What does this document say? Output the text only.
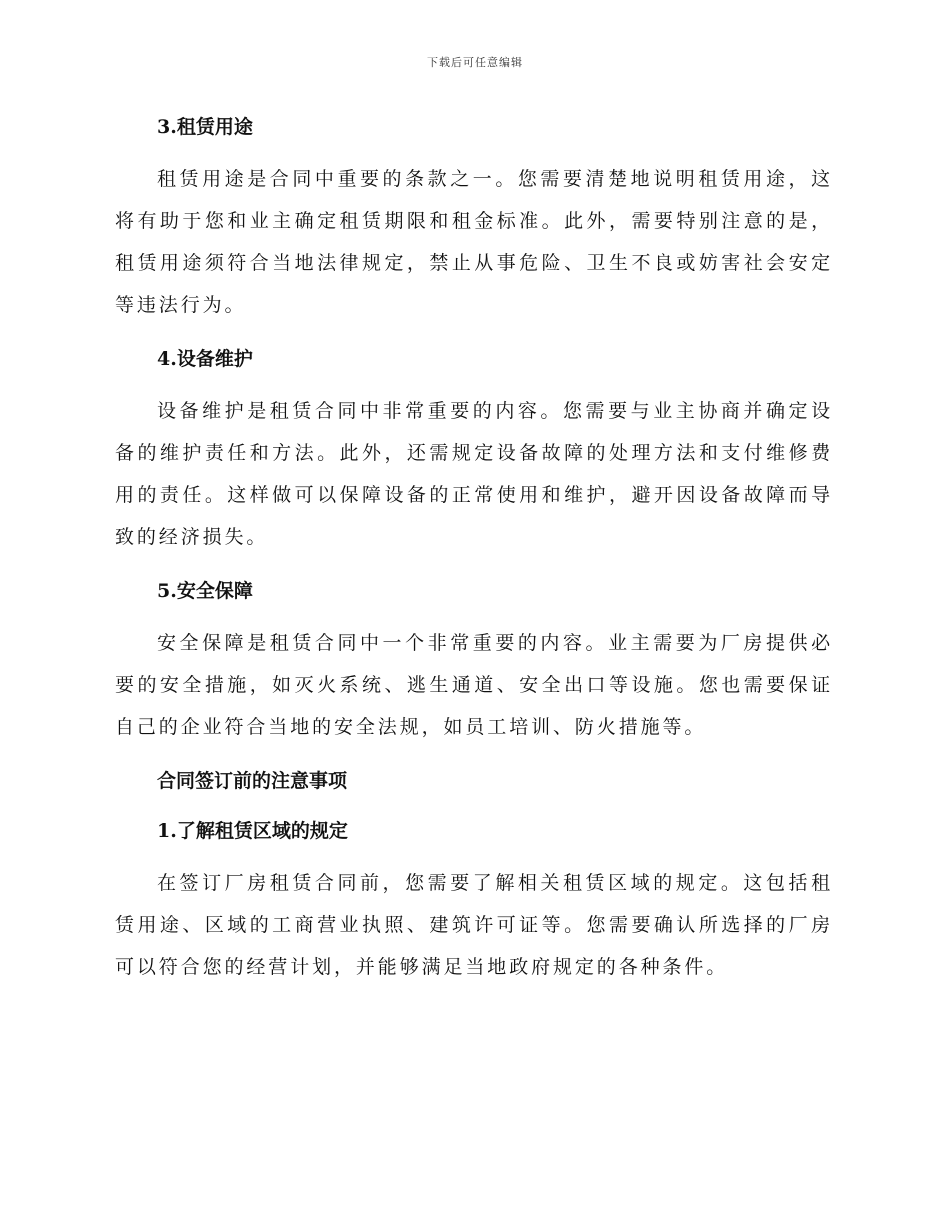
下载后可任意编辑
3.租赁用途

租赁用途是合同中重要的条款之一。您需要清楚地说明租赁用途，这将有助于您和业主确定租赁期限和租金标准。此外，需要特别注意的是，租赁用途须符合当地法律规定，禁止从事危险、卫生不良或妨害社会安定等违法行为。

4.设备维护

设备维护是租赁合同中非常重要的内容。您需要与业主协商并确定设备的维护责任和方法。此外，还需规定设备故障的处理方法和支付维修费用的责任。这样做可以保障设备的正常使用和维护，避开因设备故障而导致的经济损失。

5.安全保障

安全保障是租赁合同中一个非常重要的内容。业主需要为厂房提供必要的安全措施，如灭火系统、逃生通道、安全出口等设施。您也需要保证自己的企业符合当地的安全法规，如员工培训、防火措施等。

合同签订前的注意事项
1.了解租赁区域的规定

在签订厂房租赁合同前，您需要了解相关租赁区域的规定。这包括租赁用途、区域的工商营业执照、建筑许可证等。您需要确认所选择的厂房可以符合您的经营计划，并能够满足当地政府规定的各种条件。
